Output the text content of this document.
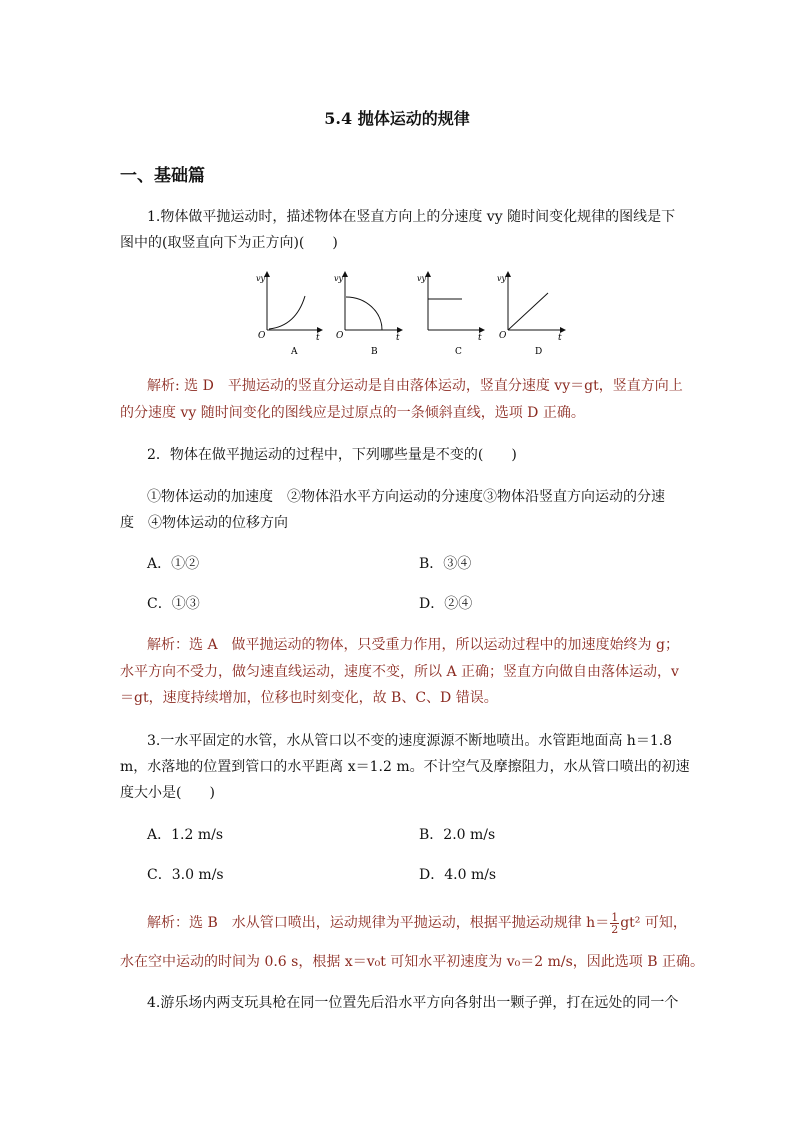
5.4 抛体运动的规律
一、基础篇
1.物体做平抛运动时，描述物体在竖直方向上的分速度 vy 随时间变化规律的图线是下
图中的(取竖直向下为正方向)(　　)
vy
O	t
A
vy
O	t
B
vy
t
C
vy
O	t
D
解析: 选 D　平抛运动的竖直分运动是自由落体运动，竖直分速度 vy＝gt，竖直方向上
的分速度 vy 随时间变化的图线应是过原点的一条倾斜直线，选项 D 正确。
2．物体在做平抛运动的过程中，下列哪些量是不变的(　　)
①物体运动的加速度　②物体沿水平方向运动的分速度③物体沿竖直方向运动的分速
度　④物体运动的位移方向
A．①②	B．③④
C．①③	D．②④
解析：选 A　做平抛运动的物体，只受重力作用，所以运动过程中的加速度始终为 g；
水平方向不受力，做匀速直线运动，速度不变，所以 A 正确；竖直方向做自由落体运动，v
＝gt，速度持续增加，位移也时刻变化，故 B、C、D 错误。
3.一水平固定的水管，水从管口以不变的速度源源不断地喷出。水管距地面高 h＝1.8
m，水落地的位置到管口的水平距离 x＝1.2 m。不计空气及摩擦阻力，水从管口喷出的初速
度大小是(　　)
A．1.2 m/s	B．2.0 m/s
C．3.0 m/s	D．4.0 m/s
解析：选 B　水从管口喷出，运动规律为平抛运动，根据平抛运动规律 $h= \frac{1}{2} gt^2$ 可知，
水在空中运动的时间为 0.6 s，根据 x＝v₀t 可知水平初速度为 v₀＝2 m/s，因此选项 B 正确。
4.游乐场内两支玩具枪在同一位置先后沿水平方向各射出一颗子弹，打在远处的同一个
